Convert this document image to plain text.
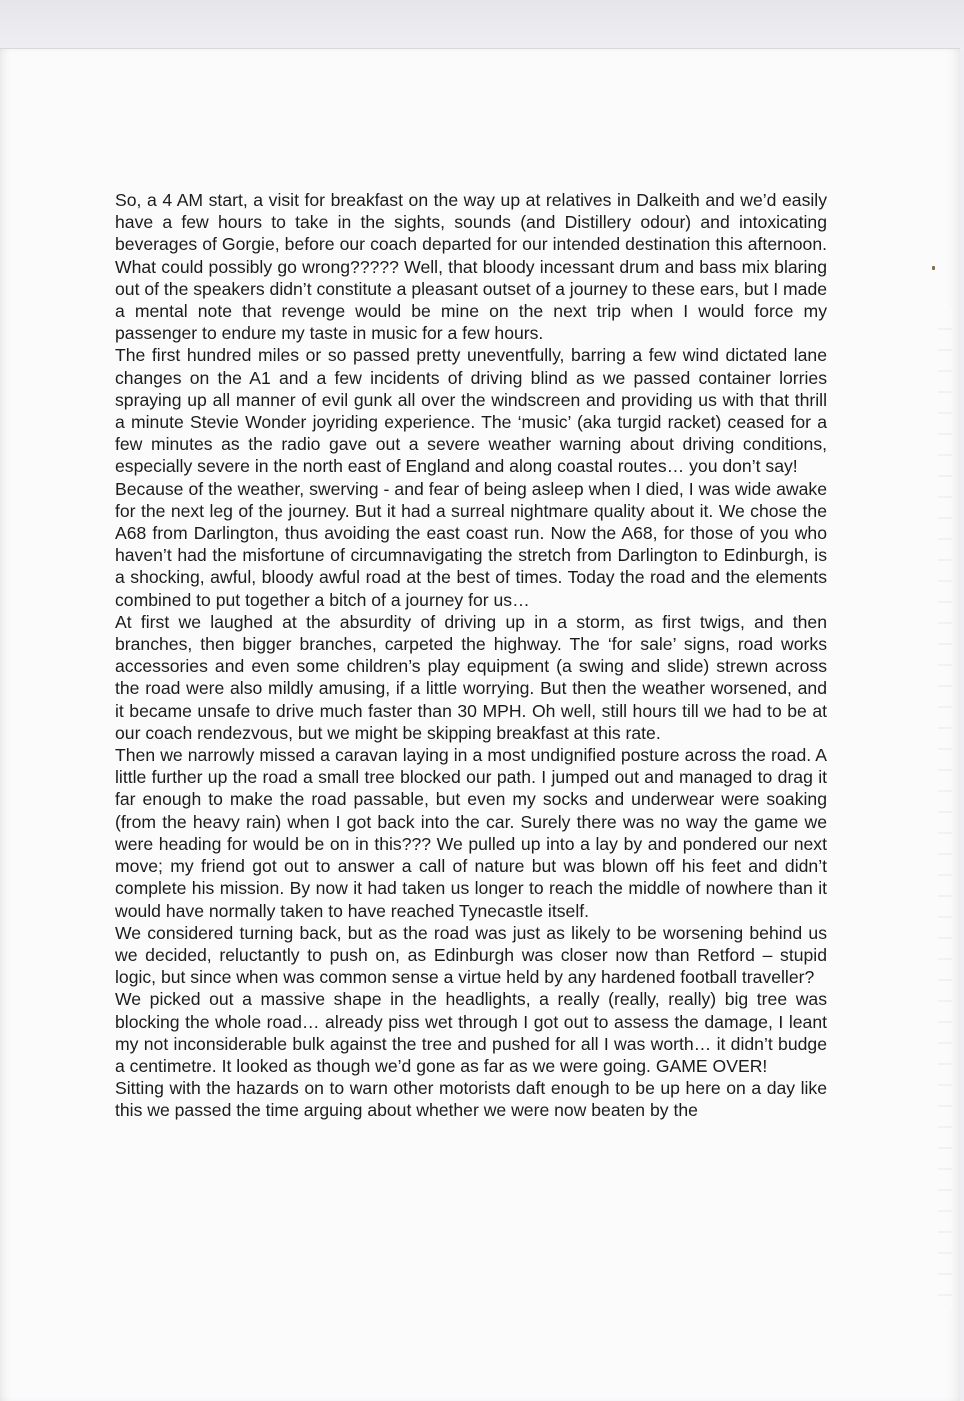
So, a 4 AM start, a visit for breakfast on the way up at relatives in Dalkeith and we’d easily have a few hours to take in the sights, sounds (and Distillery odour) and intoxicating beverages of Gorgie, before our coach departed for our intended destination this afternoon. What could possibly go wrong????? Well, that bloody incessant drum and bass mix blaring out of the speakers didn’t constitute a pleasant outset of a journey to these ears, but I made a mental note that revenge would be mine on the next trip when I would force my passenger to endure my taste in music for a few hours.

The first hundred miles or so passed pretty uneventfully, barring a few wind dictated lane changes on the A1 and a few incidents of driving blind as we passed container lorries spraying up all manner of evil gunk all over the windscreen and providing us with that thrill a minute Stevie Wonder joyriding experience. The ‘music’ (aka turgid racket) ceased for a few minutes as the radio gave out a severe weather warning about driving conditions, especially severe in the north east of England and along coastal routes… you don’t say!

Because of the weather, swerving - and fear of being asleep when I died, I was wide awake for the next leg of the journey. But it had a surreal nightmare quality about it. We chose the A68 from Darlington, thus avoiding the east coast run. Now the A68, for those of you who haven’t had the misfortune of circumnavigating the stretch from Darlington to Edinburgh, is a shocking, awful, bloody awful road at the best of times. Today the road and the elements combined to put together a bitch of a journey for us…

At first we laughed at the absurdity of driving up in a storm, as first twigs, and then branches, then bigger branches, carpeted the highway. The ‘for sale’ signs, road works accessories and even some children’s play equipment (a swing and slide) strewn across the road were also mildly amusing, if a little worrying. But then the weather worsened, and it became unsafe to drive much faster than 30 MPH. Oh well, still hours till we had to be at our coach rendezvous, but we might be skipping breakfast at this rate.

Then we narrowly missed a caravan laying in a most undignified posture across the road. A little further up the road a small tree blocked our path. I jumped out and managed to drag it far enough to make the road passable, but even my socks and underwear were soaking (from the heavy rain) when I got back into the car. Surely there was no way the game we were heading for would be on in this??? We pulled up into a lay by and pondered our next move; my friend got out to answer a call of nature but was blown off his feet and didn’t complete his mission. By now it had taken us longer to reach the middle of nowhere than it would have normally taken to have reached Tynecastle itself.

We considered turning back, but as the road was just as likely to be worsening behind us we decided, reluctantly to push on, as Edinburgh was closer now than Retford – stupid logic, but since when was common sense a virtue held by any hardened football traveller?

We picked out a massive shape in the headlights, a really (really, really) big tree was blocking the whole road… already piss wet through I got out to assess the damage, I leant my not inconsiderable bulk against the tree and pushed for all I was worth… it didn’t budge a centimetre. It looked as though we’d gone as far as we were going. GAME OVER!

Sitting with the hazards on to warn other motorists daft enough to be up here on a day like this we passed the time arguing about whether we were now beaten by the
